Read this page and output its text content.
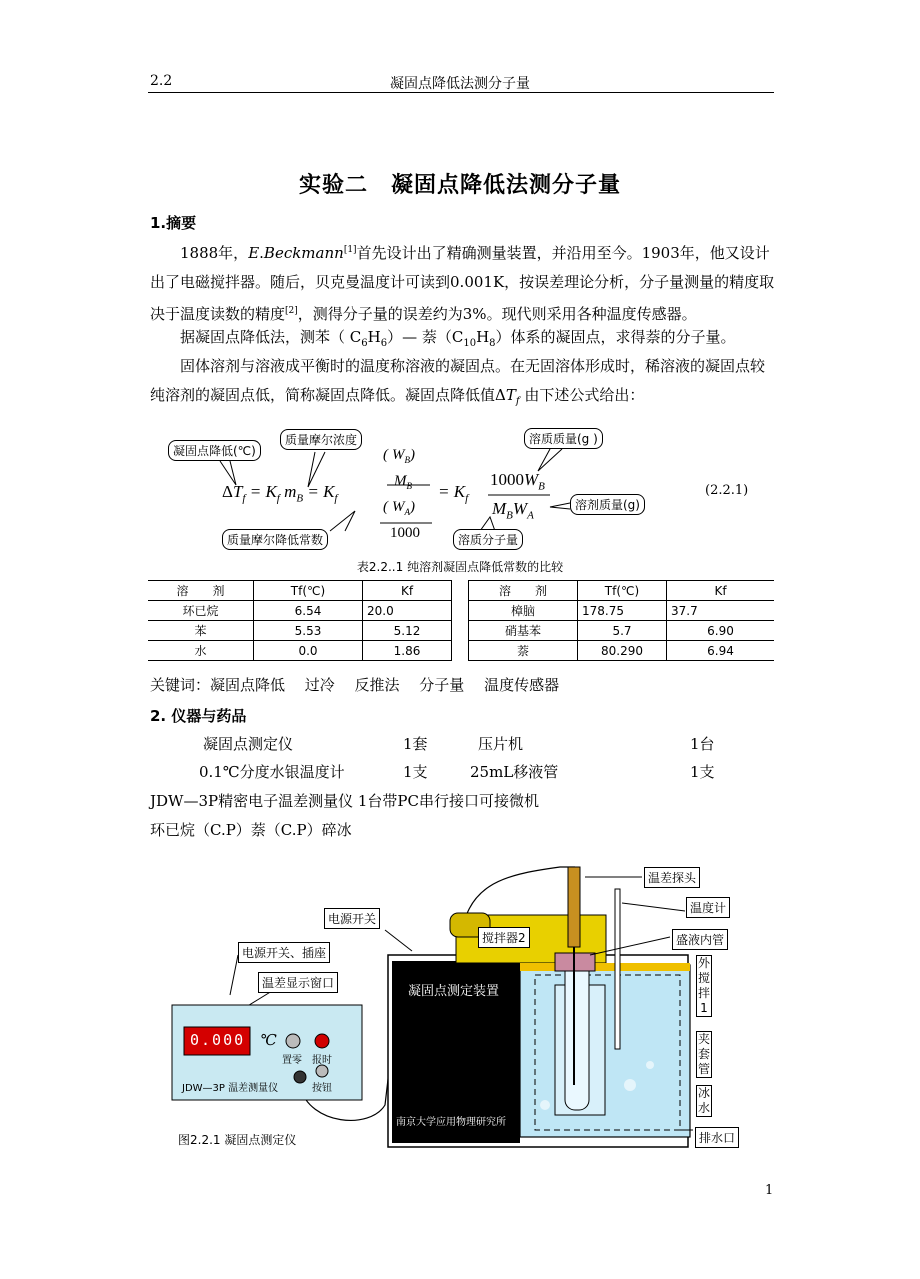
2.2	凝固点降低法测分子量
实验二　凝固点降低法测分子量
1.摘要
1888年，E.Beckmann[1]首先设计出了精确测量装置，并沿用至今。1903年，他又设计出了电磁搅拌器。随后，贝克曼温度计可读到0.001K，按误差理论分析，分子量测量的精度取决于温度读数的精度[2]，测得分子量的误差约为3%。现代则采用各种温度传感器。
据凝固点降低法，测苯（ $C_6H_6)—$ 萘$(C_{10}H_8)$体系的凝固点，求得萘的分子量。
固体溶剂与溶液成平衡时的温度称溶液的凝固点。在无固溶体形成时，稀溶液的凝固点较纯溶剂的凝固点低，简称凝固点降低。凝固点降低值$\Delta T_f$ 由下述公式给出：
凝固点降低(℃)
质量摩尔浓度	溶质质量(g )
溶剂质量(g)
质量摩尔降低常数	溶质分子量
$\Delta T_f = K_f$ $m_B = K_f$
( $W_B$)
$M_B$
( $W_A$)
1000
= $K_f$
$1000W_B$
$M_BW_A$
(2.2.1)
表2.2..1 纯溶剂凝固点降低常数的比较
溶　　剂	Tf(℃)	Kf		溶　　剂	Tf(℃)	Kf
环已烷	6.54	20.0		樟脑	178.75	37.7
苯	5.53	5.12		硝基苯	5.7	6.90
水	0.0	1.86		萘	80.290	6.94
关键词：凝固点降低　 过冷　 反推法　 分子量　 温度传感器
2. 仪器与药品
凝固点测定仪	1套	压片机	1台
0.1℃分度水银温度计	1支	25mL移液管	1支
JDW—3P精密电子温差测量仪 1台带PC串行接口可接微机
环已烷（C.P）萘（C.P）碎冰
温差探头
电源开关
温度计
搅拌器2	盛液内管
电源开关、插座
温差显示窗口
外搅拌1
夹套管
冰水
排水口
凝固点测定装置
南京大学应用物理研究所
0.000 ℃
置零 报时
按钮
JDW—3P 温差测量仪
图2.2.1 凝固点测定仪
1
